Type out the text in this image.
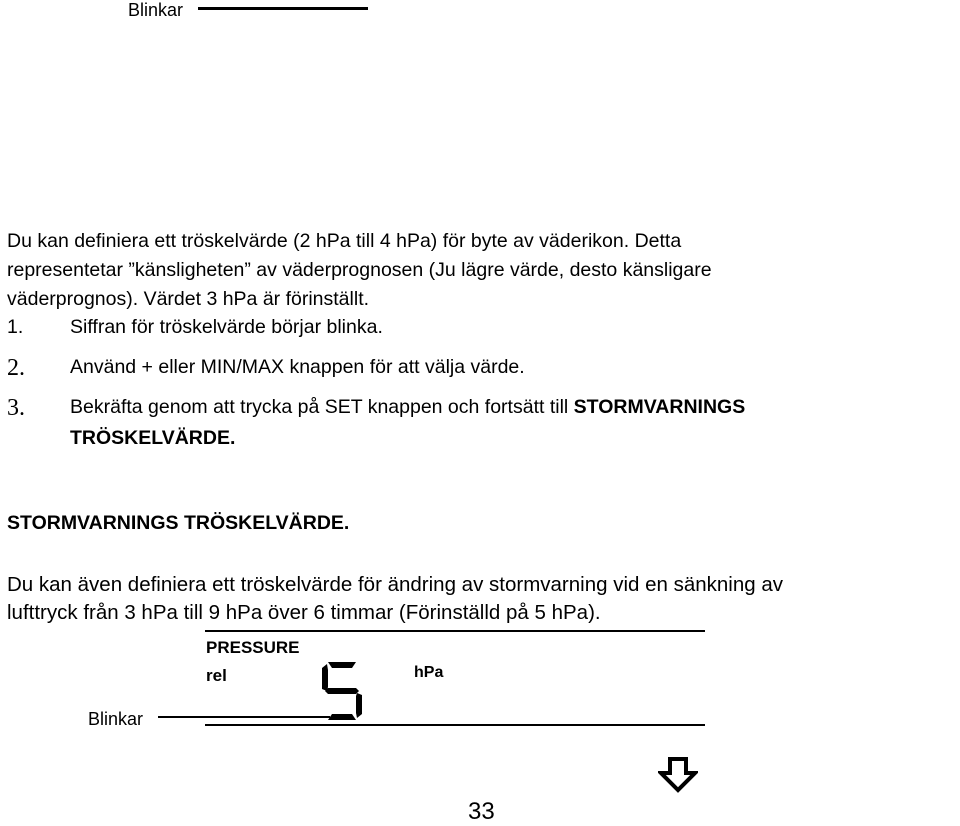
Blinkar
Du kan definiera ett tröskelvärde (2 hPa till 4 hPa) för byte av väderikon. Detta
representetar ”känsligheten” av väderprognosen (Ju lägre värde, desto känsligare
väderprognos). Värdet 3 hPa är förinställt.
1. Siffran för tröskelvärde börjar blinka.
2. Använd + eller MIN/MAX knappen för att välja värde.
3. Bekräfta genom att trycka på SET knappen och fortsätt till STORMVARNINGS
TRÖSKELVÄRDE.
STORMVARNINGS TRÖSKELVÄRDE.
Du kan även definiera ett tröskelvärde för ändring av stormvarning vid en sänkning av
lufttryck från 3 hPa till 9 hPa över 6 timmar (Förinställd på 5 hPa).
PRESSURE
rel	hPa
Blinkar
33
